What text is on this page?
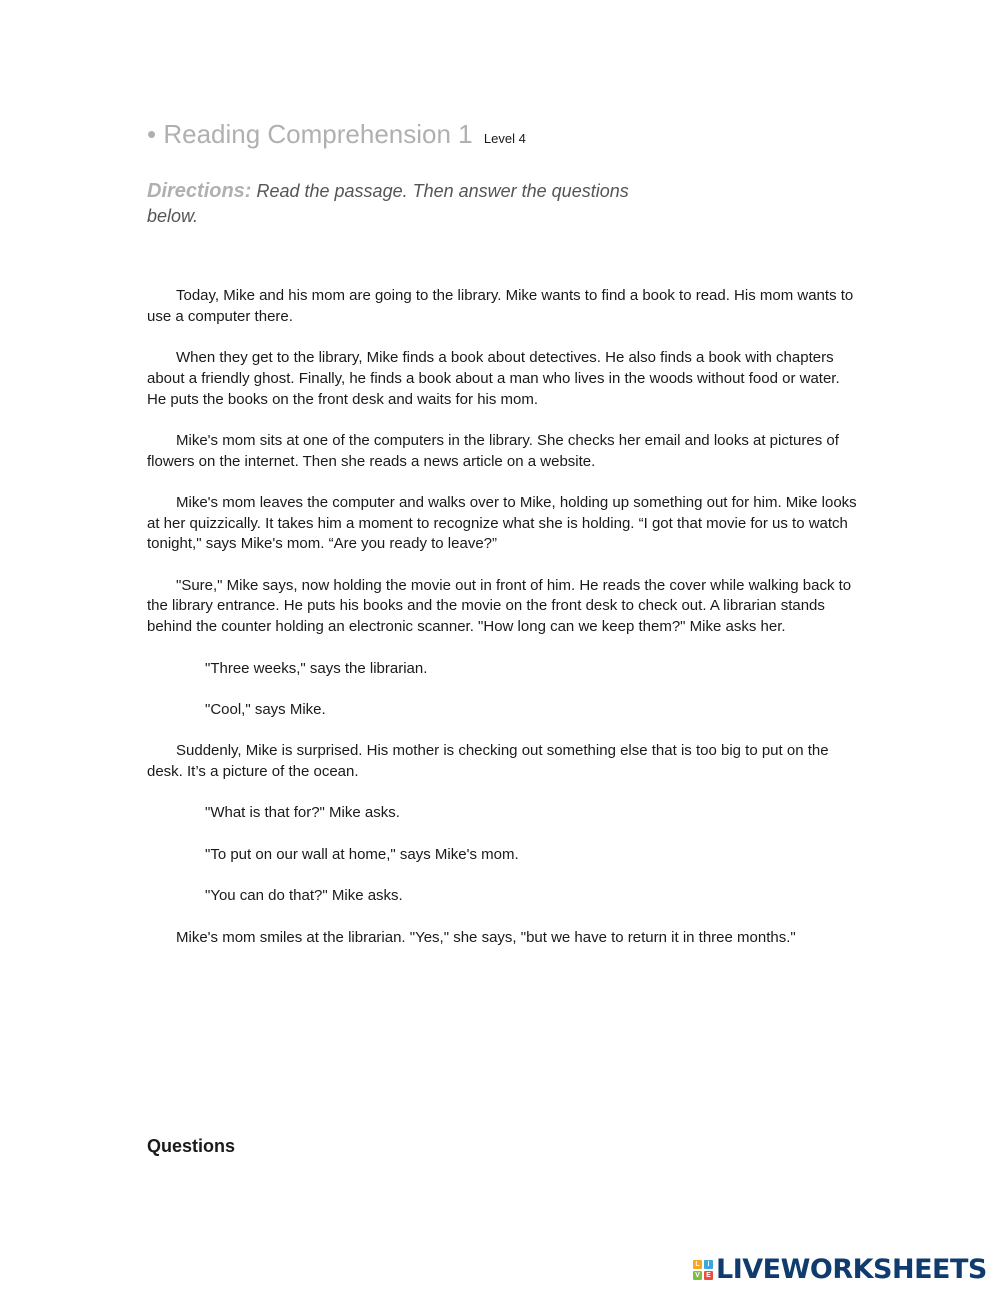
• Reading Comprehension 1 Level 4
Directions: Read the passage. Then answer the questions below.

Today, Mike and his mom are going to the library. Mike wants to find a book to read. His mom wants to use a computer there.

When they get to the library, Mike finds a book about detectives. He also finds a book with chapters about a friendly ghost. Finally, he finds a book about a man who lives in the woods without food or water. He puts the books on the front desk and waits for his mom.

Mike's mom sits at one of the computers in the library. She checks her email and looks at pictures of flowers on the internet. Then she reads a news article on a website.

Mike's mom leaves the computer and walks over to Mike, holding up something out for him. Mike looks at her quizzically. It takes him a moment to recognize what she is holding. “I got that movie for us to watch tonight," says Mike's mom. “Are you ready to leave?”

"Sure," Mike says, now holding the movie out in front of him. He reads the cover while walking back to the library entrance. He puts his books and the movie on the front desk to check out. A librarian stands behind the counter holding an electronic scanner. "How long can we keep them?" Mike asks her.

"Three weeks," says the librarian.

"Cool," says Mike.

Suddenly, Mike is surprised. His mother is checking out something else that is too big to put on the desk. It’s a picture of the ocean.

"What is that for?" Mike asks.

"To put on our wall at home," says Mike's mom.

"You can do that?" Mike asks.

Mike's mom smiles at the librarian. "Yes," she says, "but we have to return it in three months."

Questions
L	I
V E LIVEWORKSHEETS
